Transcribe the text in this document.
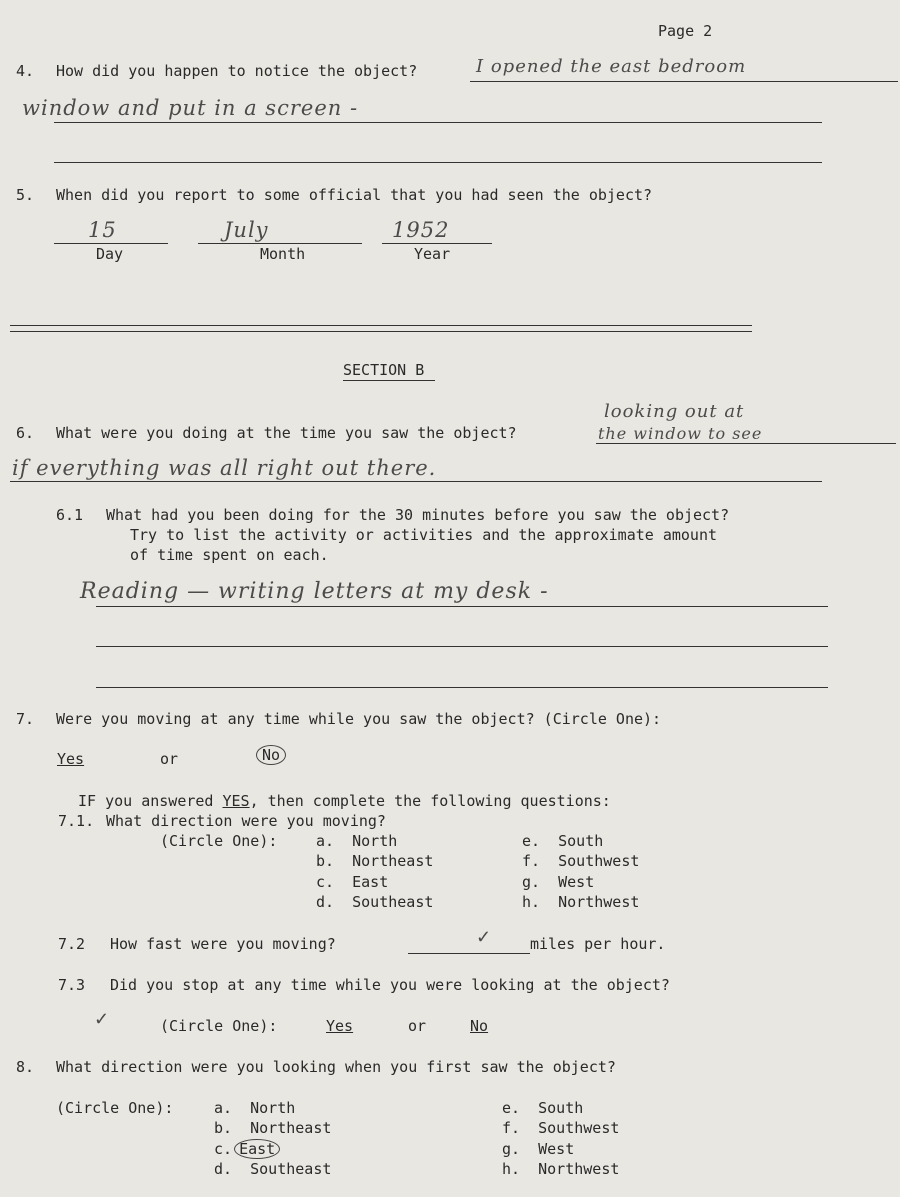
Page 2
4. How did you happen to notice the object?	I opened the east bedroom
window and put in a screen -
5. When did you report to some official that you had seen the object?
15
Day
July
Month
1952
Year
SECTION B
6. What were you doing at the time you saw the object?
looking out at
the window to see
if everything was all right out there.
6.1 What had you been doing for the 30 minutes before you saw the object?
Try to list the activity or activities and the approximate amount
of time spent on each.
Reading — writing letters at my desk -
7. Were you moving at any time while you saw the object? (Circle One):
Yes	or	No
IF you answered YES, then complete the following questions:
7.1. What direction were you moving?
(Circle One):	a. North
b. Northeast
c. East
d. Southeast
e. South
f. Southwest
g. West
h. Northwest
7.2 How fast were you moving?	✓	miles per hour.
7.3 Did you stop at any time while you were looking at the object?
✓	(Circle One):	Yes	or	No
8. What direction were you looking when you first saw the object?
(Circle One):	a. North
b. Northeast
c. East
d. Southeast
e. South
f. Southwest
g. West
h. Northwest
